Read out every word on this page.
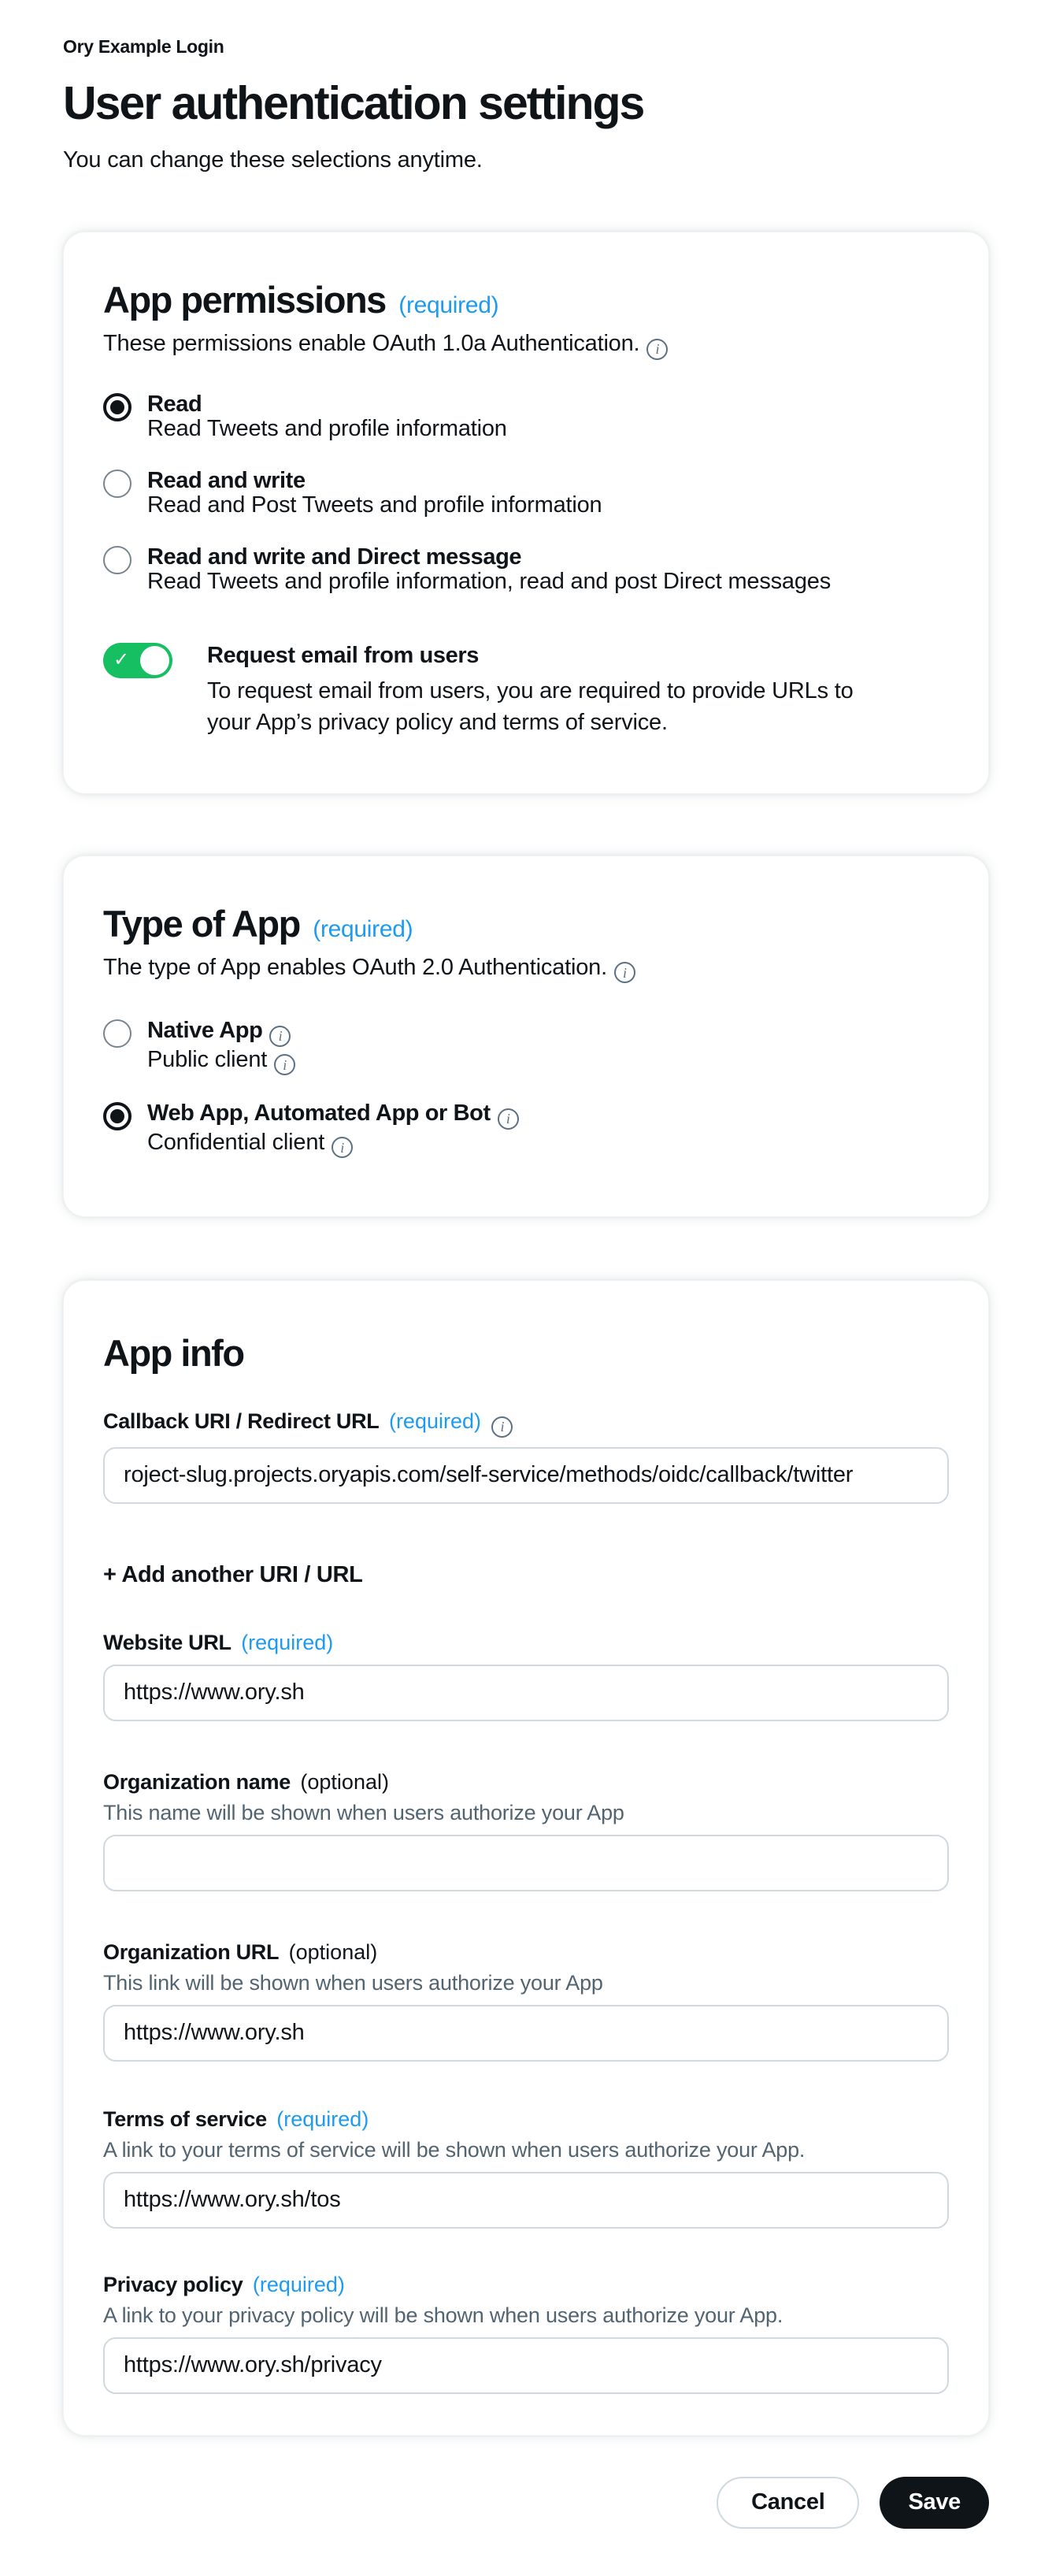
Ory Example Login
User authentication settings
You can change these selections anytime.
App permissions (required)
These permissions enable OAuth 1.0a Authentication. i
Read
Read Tweets and profile information
Read and write
Read and Post Tweets and profile information
Read and write and Direct message
Read Tweets and profile information, read and post Direct messages
✓	Request email from users
To request email from users, you are required to provide URLs to your App’s privacy policy and terms of service.
Type of App (required)
The type of App enables OAuth 2.0 Authentication. i
Native App i
Public client i
Web App, Automated App or Bot i
Confidential client i
App info
Callback URI / Redirect URL (required) i
roject-slug.projects.oryapis.com/self-service/methods/oidc/callback/twitter
+ Add another URI / URL
Website URL (required)
https://www.ory.sh
Organization name (optional)
This name will be shown when users authorize your App
Organization URL (optional)
This link will be shown when users authorize your App
https://www.ory.sh
Terms of service (required)
A link to your terms of service will be shown when users authorize your App.
https://www.ory.sh/tos
Privacy policy (required)
A link to your privacy policy will be shown when users authorize your App.
https://www.ory.sh/privacy
Cancel	Save
